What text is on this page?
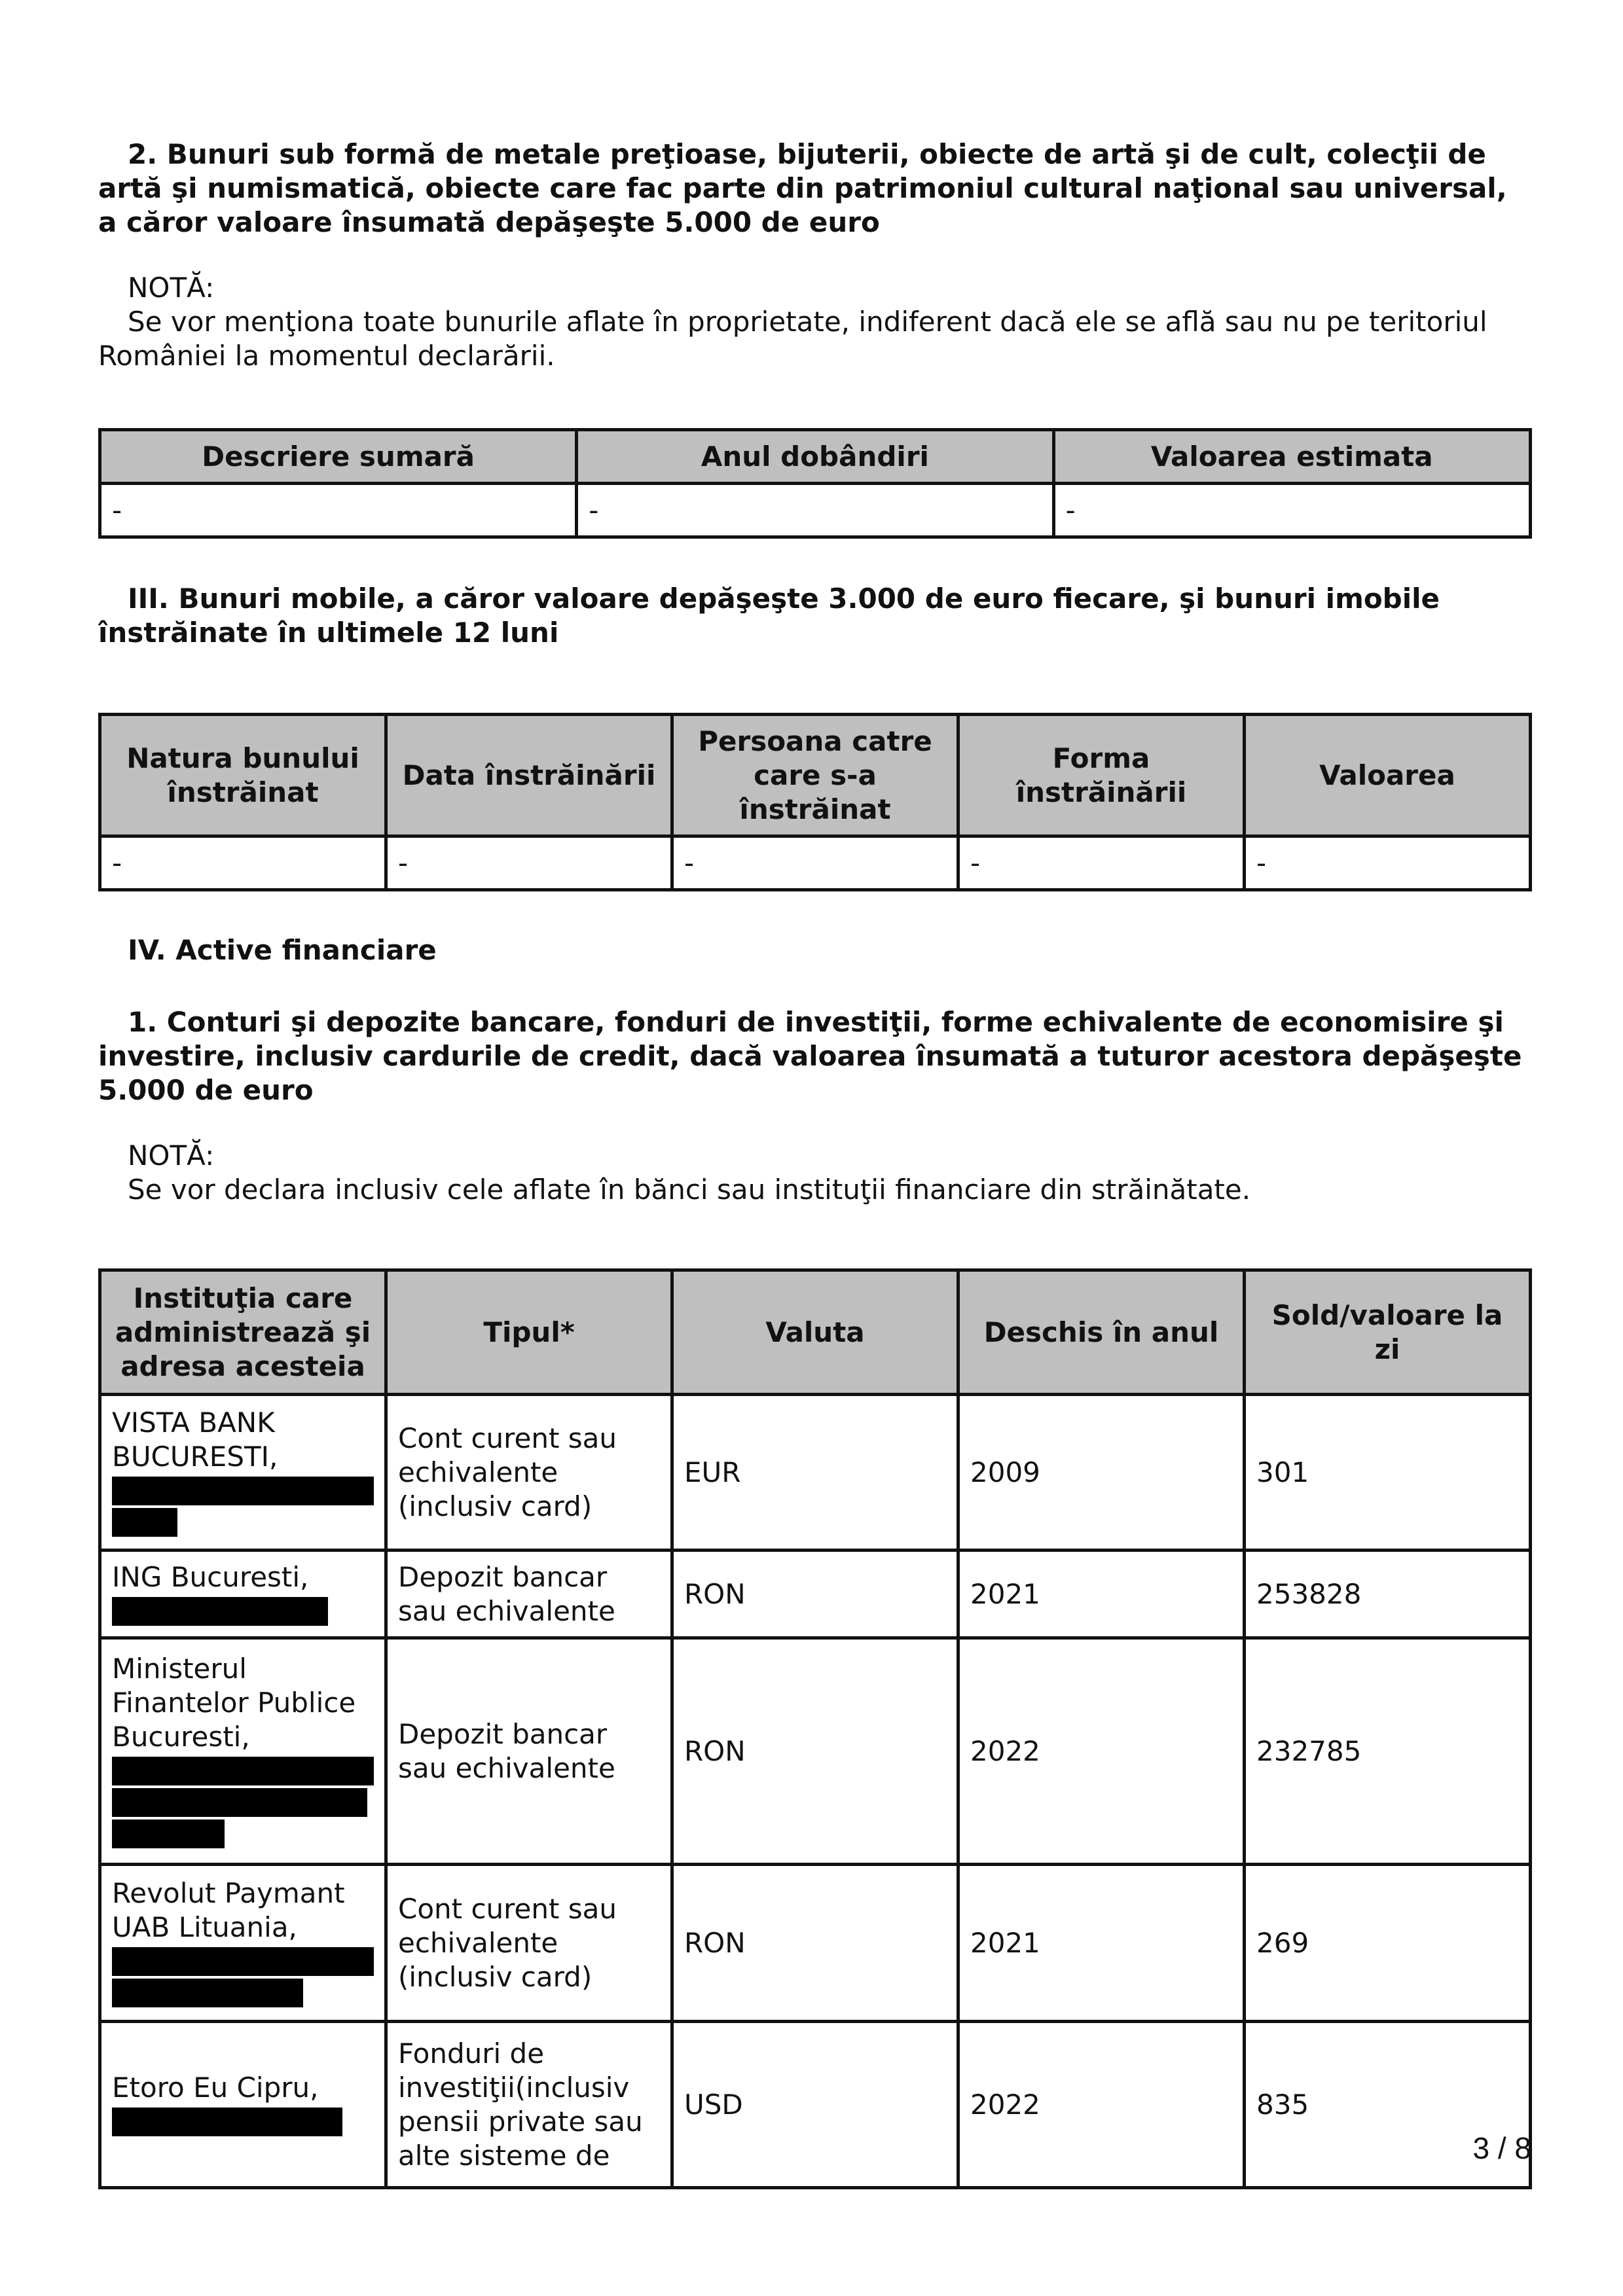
2. Bunuri sub formă de metale preţioase, bijuterii, obiecte de artă şi de cult, colecţii de artă şi numismatică, obiecte care fac parte din patrimoniul cultural naţional sau universal, a căror valoare însumată depăşeşte 5.000 de euro

NOTĂ:

Se vor menţiona toate bunurile aflate în proprietate, indiferent dacă ele se află sau nu pe teritoriul României la momentul declarării.

Descriere sumară	Anul dobândiri	Valoarea estimata
-	-	-

III. Bunuri mobile, a căror valoare depăşeşte 3.000 de euro fiecare, şi bunuri imobile înstrăinate în ultimele 12 luni

Natura bunului înstrăinat	Data înstrăinării	Persoana catre care s-a înstrăinat	Forma înstrăinării	Valoarea
-	-	-	-	-

IV. Active financiare

1. Conturi şi depozite bancare, fonduri de investiţii, forme echivalente de economisire şi investire, inclusiv cardurile de credit, dacă valoarea însumată a tuturor acestora depăşeşte 5.000 de euro

NOTĂ:

Se vor declara inclusiv cele aflate în bănci sau instituţii financiare din străinătate.

Instituţia care administrează şi adresa acesteia	Tipul*	Valuta	Deschis în anul	Sold/valoare la zi
VISTA BANK BUCURESTI,	Cont curent sau echivalente (inclusiv card)	EUR	2009	301
ING Bucuresti,	Depozit bancar sau echivalente	RON	2021	253828
Ministerul Finantelor Publice Bucuresti,	Depozit bancar sau echivalente	RON	2022	232785
Revolut Paymant UAB Lituania,	Cont curent sau echivalente (inclusiv card)	RON	2021	269
Etoro Eu Cipru,	Fonduri de investiţii(inclusiv pensii private sau alte sisteme de	USD	2022	835
3 / 8
